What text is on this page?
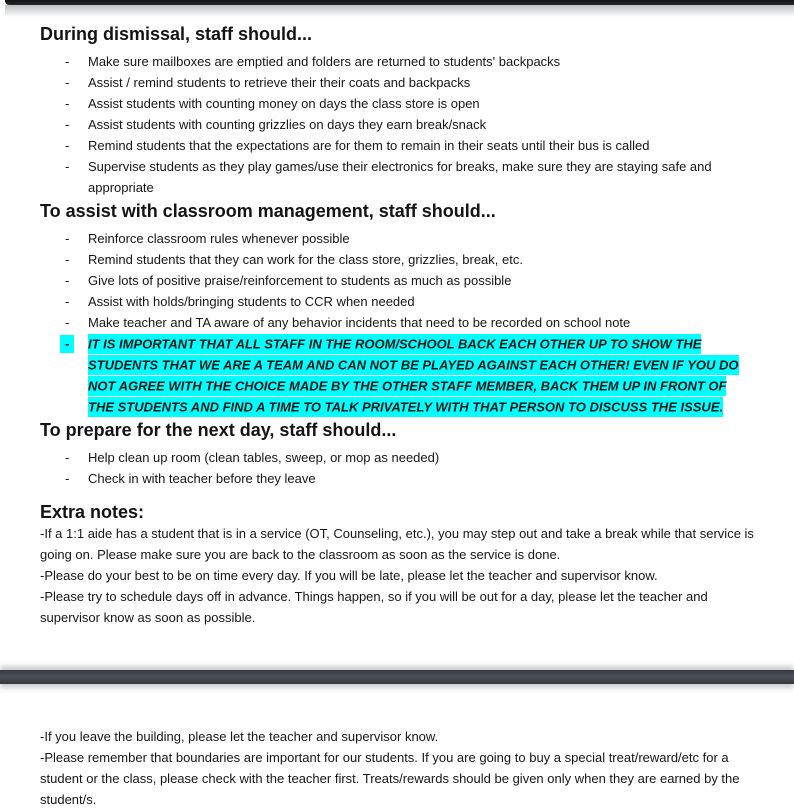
During dismissal, staff should...
- Make sure mailboxes are emptied and folders are returned to students' backpacks
- Assist / remind students to retrieve their their coats and backpacks
- Assist students with counting money on days the class store is open
- Assist students with counting grizzlies on days they earn break/snack
- Remind students that the expectations are for them to remain in their seats until their bus is called
- Supervise students as they play games/use their electronics for breaks, make sure they are staying safe and appropriate
To assist with classroom management, staff should...
- Reinforce classroom rules whenever possible
- Remind students that they can work for the class store, grizzlies, break, etc.
- Give lots of positive praise/reinforcement to students as much as possible
- Assist with holds/bringing students to CCR when needed
- Make teacher and TA aware of any behavior incidents that need to be recorded on school note
- IT IS IMPORTANT THAT ALL STAFF IN THE ROOM/SCHOOL BACK EACH OTHER UP TO SHOW THE STUDENTS THAT WE ARE A TEAM AND CAN NOT BE PLAYED AGAINST EACH OTHER! EVEN IF YOU DO NOT AGREE WITH THE CHOICE MADE BY THE OTHER STAFF MEMBER, BACK THEM UP IN FRONT OF THE STUDENTS AND FIND A TIME TO TALK PRIVATELY WITH THAT PERSON TO DISCUSS THE ISSUE.
To prepare for the next day, staff should...
- Help clean up room (clean tables, sweep, or mop as needed)
- Check in with teacher before they leave
Extra notes:

-If a 1:1 aide has a student that is in a service (OT, Counseling, etc.), you may step out and take a break while that service is going on. Please make sure you are back to the classroom as soon as the service is done.

-Please do your best to be on time every day. If you will be late, please let the teacher and supervisor know.

-Please try to schedule days off in advance. Things happen, so if you will be out for a day, please let the teacher and supervisor know as soon as possible.

-If you leave the building, please let the teacher and supervisor know.

-Please remember that boundaries are important for our students. If you are going to buy a special treat/reward/etc for a student or the class, please check with the teacher first. Treats/rewards should be given only when they are earned by the student/s.
